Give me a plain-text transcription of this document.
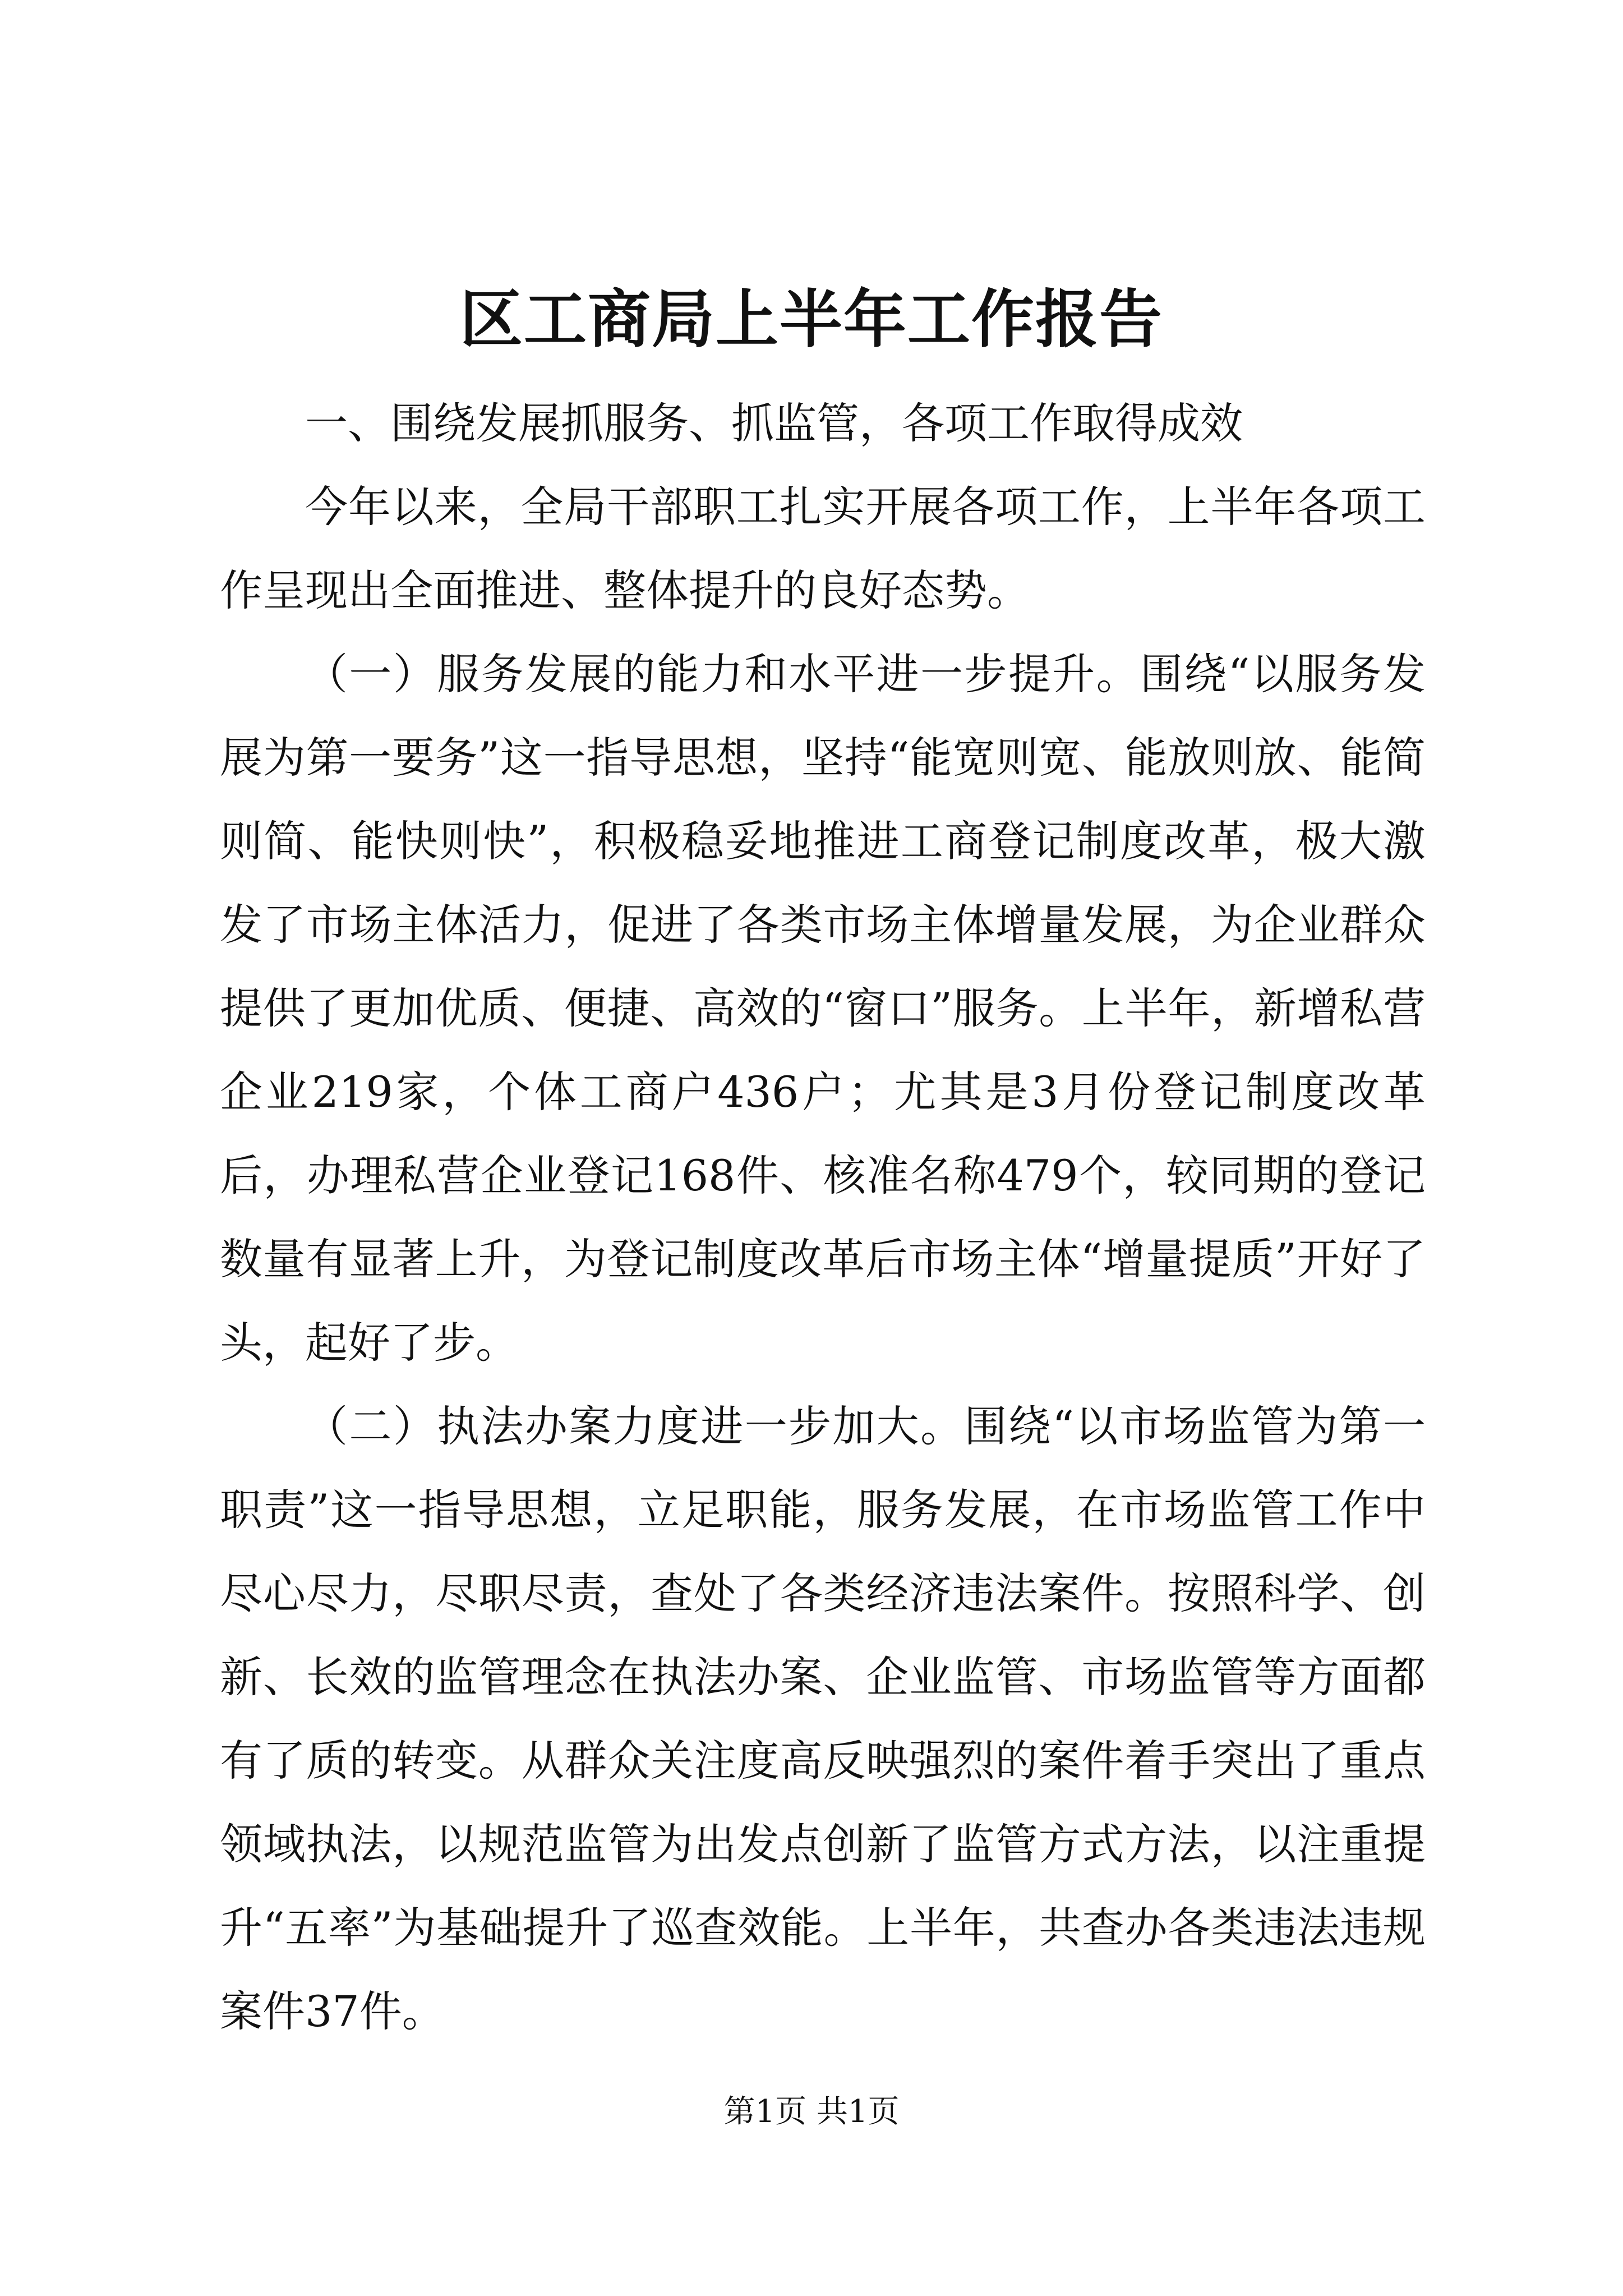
区工商局上半年工作报告

一、围绕发展抓服务、抓监管，各项工作取得成效

今年以来，全局干部职工扎实开展各项工作，上半年各项工作呈现出全面推进、整体提升的良好态势。

（一）服务发展的能力和水平进一步提升。围绕“以服务发展为第一要务”这一指导思想，坚持“能宽则宽、能放则放、能简则简、能快则快”，积极稳妥地推进工商登记制度改革，极大激发了市场主体活力，促进了各类市场主体增量发展，为企业群众提供了更加优质、便捷、高效的“窗口”服务。上半年，新增私营企业219家，个体工商户436户；尤其是3月份登记制度改革后，办理私营企业登记168件、核准名称479个，较同期的登记数量有显著上升，为登记制度改革后市场主体“增量提质”开好了头，起好了步。

（二）执法办案力度进一步加大。围绕“以市场监管为第一职责”这一指导思想，立足职能，服务发展，在市场监管工作中尽心尽力，尽职尽责，查处了各类经济违法案件。按照科学、创新、长效的监管理念在执法办案、企业监管、市场监管等方面都有了质的转变。从群众关注度高反映强烈的案件着手突出了重点领域执法，以规范监管为出发点创新了监管方式方法，以注重提升“五率”为基础提升了巡查效能。上半年，共查办各类违法违规案件37件。

第1页 共1页
